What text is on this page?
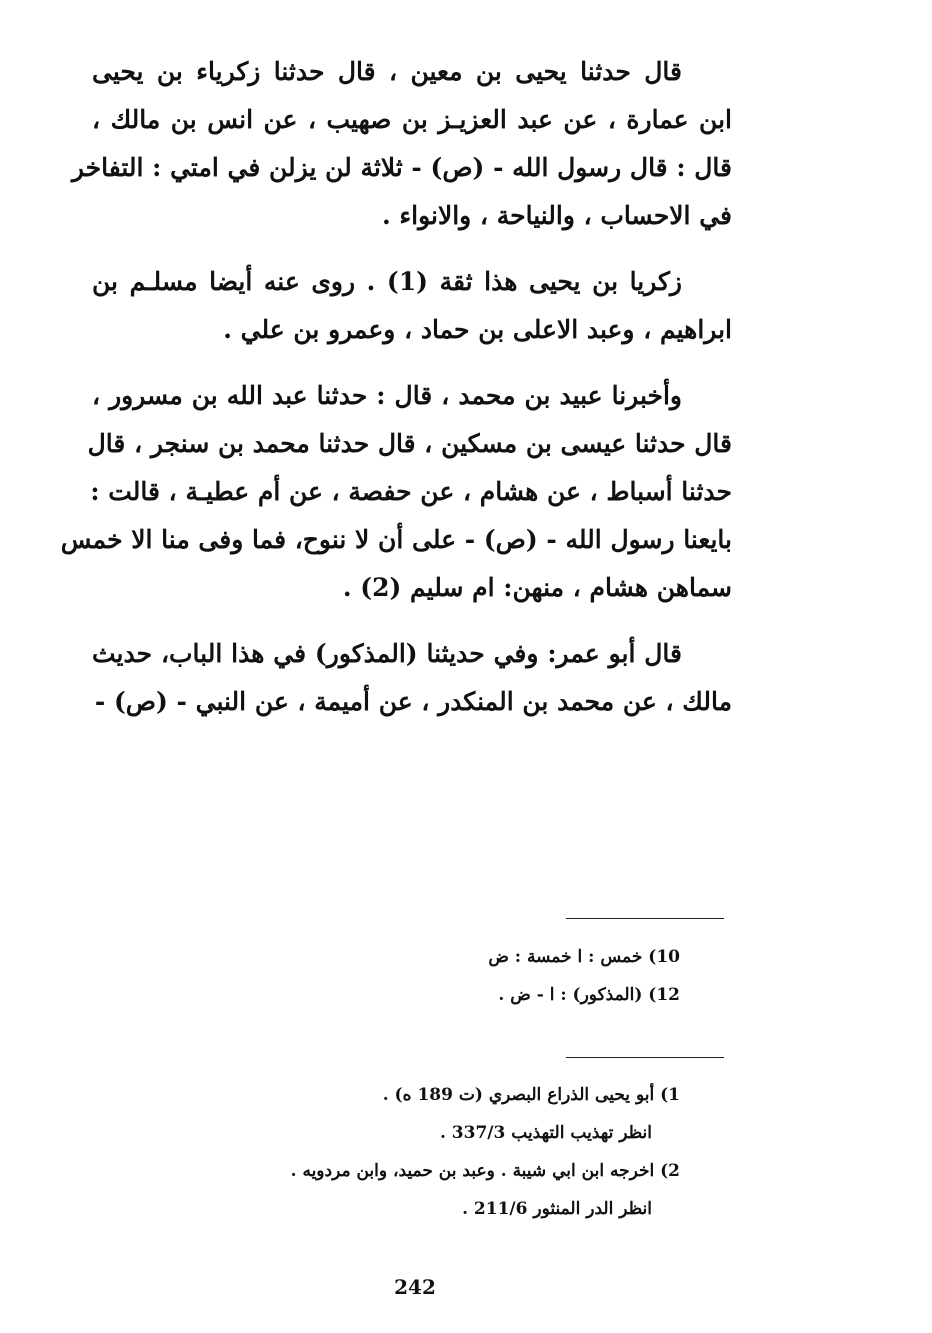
قال حدثنا يحيى بن معين ، قال حدثنا زكرياء بن يحيى
ابن عمارة ، عن عبد العزيـز بن صهيب ، عن انس بن مالك ،
قال : قال رسول الله - (ص) - ثلاثة لن يزلن في امتي : التفاخر
في الاحساب ، والنياحة ، والانواء .

زكريا بن يحيى هذا ثقة (1) . روى عنه أيضا مسلـم بن
ابراهيم ، وعبد الاعلى بن حماد ، وعمرو بن علي .

وأخبرنا عبيد بن محمد ، قال : حدثنا عبد الله بن مسرور ،
قال حدثنا عيسى بن مسكين ، قال حدثنا محمد بن سنجر ، قال
حدثنا أسباط ، عن هشام ، عن حفصة ، عن أم عطيـة ، قالت :
بايعنا رسول الله - (ص) - على أن لا ننوح، فما وفى منا الا خمس
سماهن هشام ، منهن: ام سليم (2) .

قال أبو عمر: وفي حديثنا (المذكور) في هذا الباب، حديث
مالك ، عن محمد بن المنكدر ، عن أميمة ، عن النبي - (ص) -

10) خمس : ا خمسة : ض
12) (المذكور) : ا - ض .
1) أبو يحيى الذراع البصري (ت 189 ه) .
انظر تهذيب التهذيب 337/3 .
2) اخرجه ابن ابي شيبة . وعبد بن حميد، وابن مردويه .
انظر الدر المنثور 211/6 .
242
